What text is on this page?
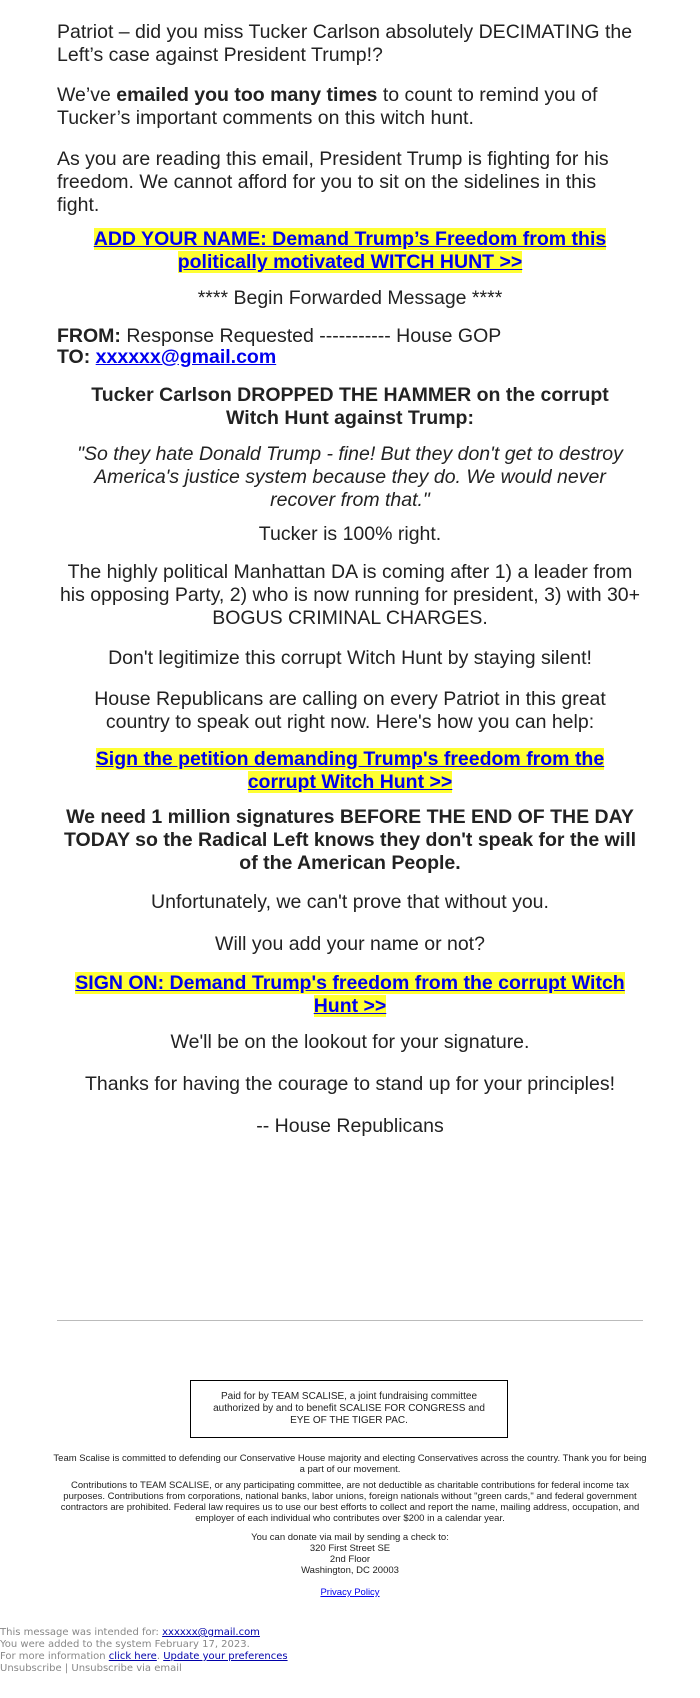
Patriot – did you miss Tucker Carlson absolutely DECIMATING the Left’s case against President Trump!?

We’ve emailed you too many times to count to remind you of Tucker’s important comments on this witch hunt.

As you are reading this email, President Trump is fighting for his freedom. We cannot afford for you to sit on the sidelines in this fight.

ADD YOUR NAME: Demand Trump’s Freedom from this politically motivated WITCH HUNT >>

**** Begin Forwarded Message ****

FROM: Response Requested ----------- House GOP

TO: xxxxxx@gmail.com

Tucker Carlson DROPPED THE HAMMER on the corrupt Witch Hunt against Trump:

"So they hate Donald Trump - fine! But they don't get to destroy America's justice system because they do. We would never recover from that."

Tucker is 100% right.

The highly political Manhattan DA is coming after 1) a leader from his opposing Party, 2) who is now running for president, 3) with 30+ BOGUS CRIMINAL CHARGES.

Don't legitimize this corrupt Witch Hunt by staying silent!

House Republicans are calling on every Patriot in this great country to speak out right now. Here's how you can help:

Sign the petition demanding Trump's freedom from the corrupt Witch Hunt >>

We need 1 million signatures BEFORE THE END OF THE DAY TODAY so the Radical Left knows they don't speak for the will of the American People.

Unfortunately, we can't prove that without you.

Will you add your name or not?

SIGN ON: Demand Trump's freedom from the corrupt Witch Hunt >>

We'll be on the lookout for your signature.

Thanks for having the courage to stand up for your principles!

-- House Republicans

Paid for by TEAM SCALISE, a joint fundraising committee authorized by and to benefit SCALISE FOR CONGRESS and EYE OF THE TIGER PAC.
Team Scalise is committed to defending our Conservative House majority and electing Conservatives across the country. Thank you for being a part of our movement.
Contributions to TEAM SCALISE, or any participating committee, are not deductible as charitable contributions for federal income tax purposes. Contributions from corporations, national banks, labor unions, foreign nationals without "green cards," and federal government contractors are prohibited. Federal law requires us to use our best efforts to collect and report the name, mailing address, occupation, and employer of each individual who contributes over $200 in a calendar year.
You can donate via mail by sending a check to:
320 First Street SE
2nd Floor
Washington, DC 20003
Privacy Policy
This message was intended for: xxxxxx@gmail.com
You were added to the system February 17, 2023.
For more information click here. Update your preferences
Unsubscribe | Unsubscribe via email
